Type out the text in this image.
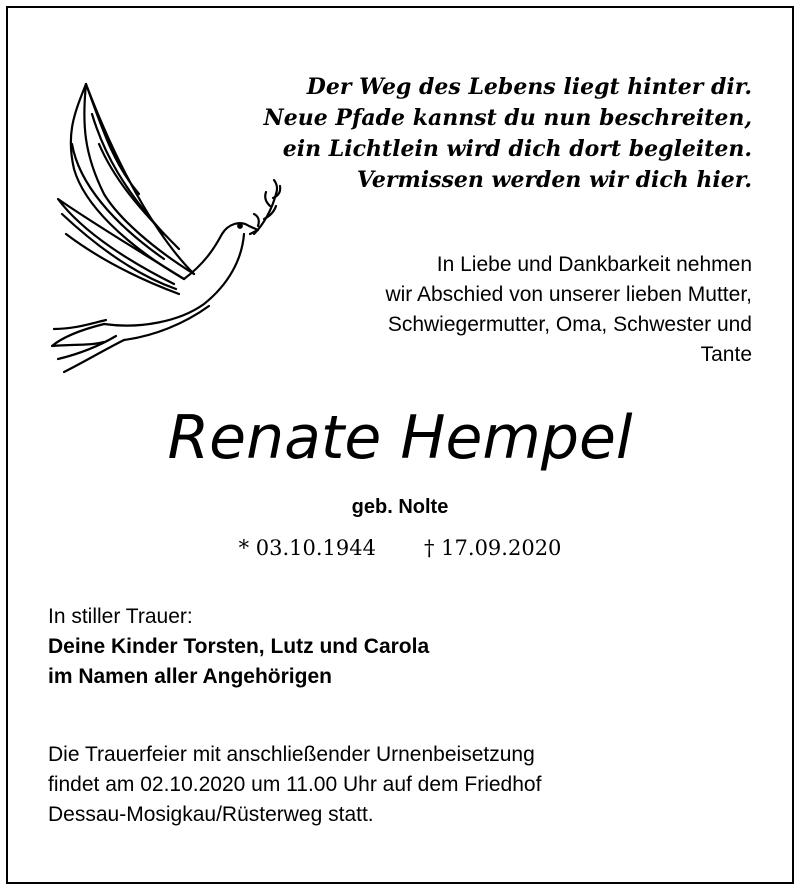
Der Weg des Lebens liegt hinter dir.
Neue Pfade kannst du nun beschreiten,
ein Lichtlein wird dich dort begleiten.
Vermissen werden wir dich hier.
In Liebe und Dankbarkeit nehmen
wir Abschied von unserer lieben Mutter,
Schwiegermutter, Oma, Schwester und
Tante
Renate Hempel
geb. Nolte
* 03.10.1944 † 17.09.2020
In stiller Trauer:
Deine Kinder Torsten, Lutz und Carola
im Namen aller Angehörigen
Die Trauerfeier mit anschließender Urnenbeisetzung
findet am 02.10.2020 um 11.00 Uhr auf dem Friedhof
Dessau-Mosigkau/Rüsterweg statt.
